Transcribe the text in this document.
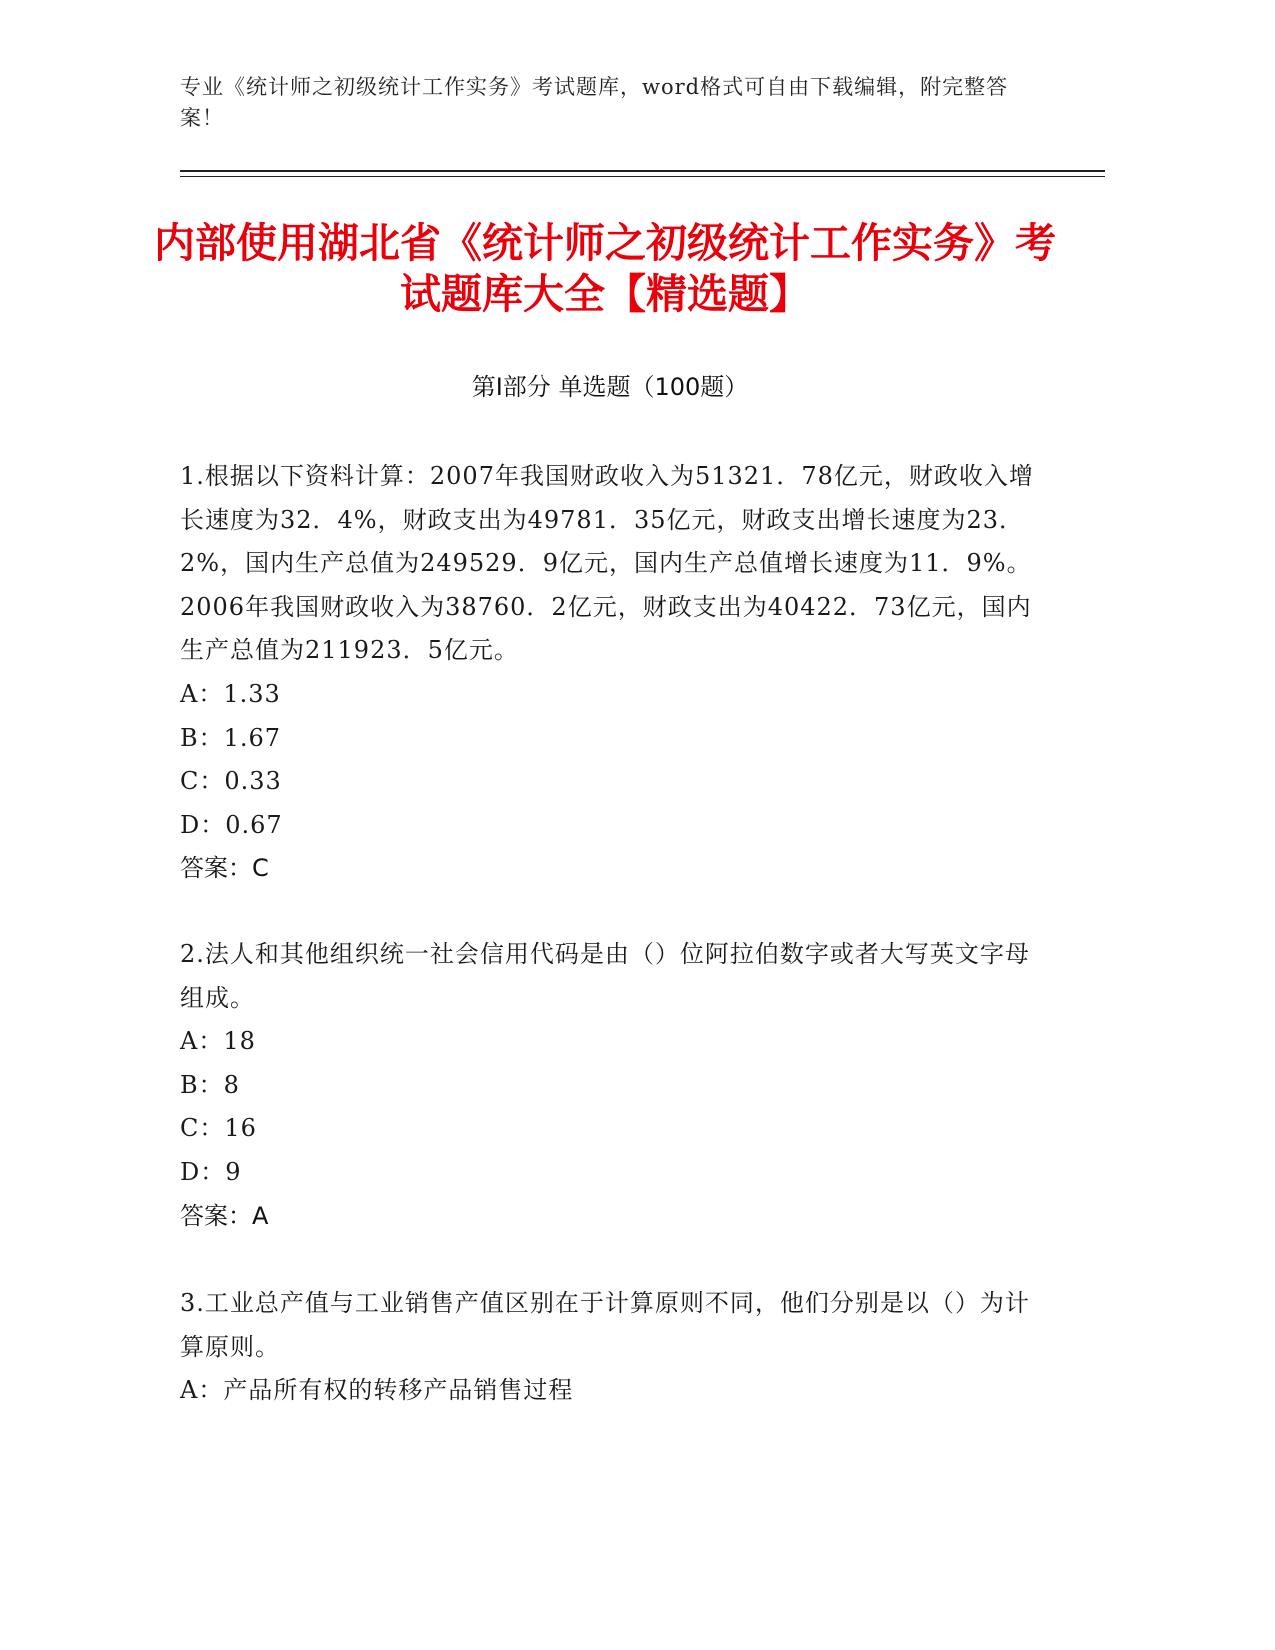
专业《统计师之初级统计工作实务》考试题库，word格式可自由下载编辑，附完整答案！
内部使用湖北省《统计师之初级统计工作实务》考试题库大全【精选题】
第Ⅰ部分 单选题（100题）

1.根据以下资料计算：2007年我国财政收入为51321．78亿元，财政收入增长速度为32．4%，财政支出为49781．35亿元，财政支出增长速度为23．2%，国内生产总值为249529．9亿元，国内生产总值增长速度为11．9%。2006年我国财政收入为38760．2亿元，财政支出为40422．73亿元，国内生产总值为211923．5亿元。

A：1.33

B：1.67

C：0.33

D：0.67

答案：C

2.法人和其他组织统一社会信用代码是由（）位阿拉伯数字或者大写英文字母组成。

A：18

B：8

C：16

D：9

答案：A

3.工业总产值与工业销售产值区别在于计算原则不同，他们分别是以（）为计算原则。

A：产品所有权的转移产品销售过程
